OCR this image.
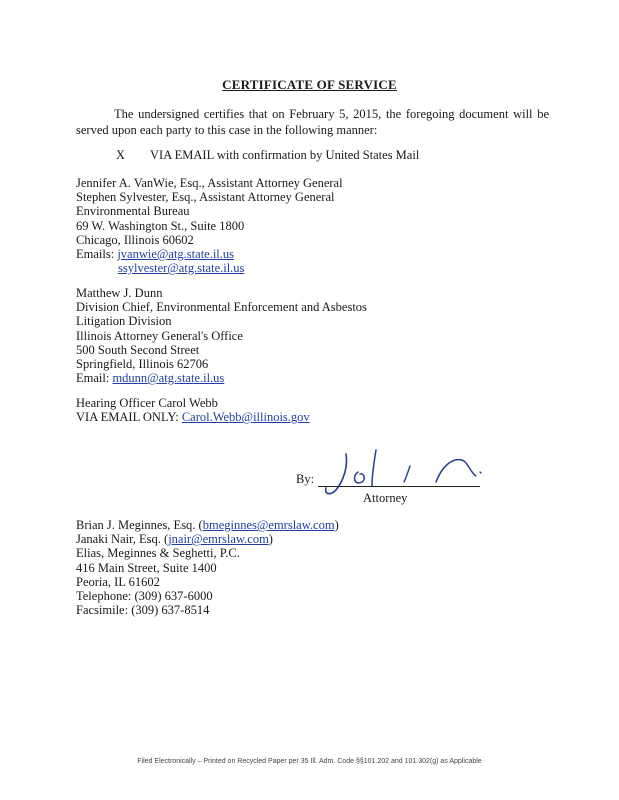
CERTIFICATE OF SERVICE
The undersigned certifies that on February 5, 2015, the foregoing document will be served upon each party to this case in the following manner:
X VIA EMAIL with confirmation by United States Mail
Jennifer A. VanWie, Esq., Assistant Attorney General
Stephen Sylvester, Esq., Assistant Attorney General
Environmental Bureau
69 W. Washington St., Suite 1800
Chicago, Illinois 60602
Emails: jvanwie@atg.state.il.us
ssylvester@atg.state.il.us
Matthew J. Dunn
Division Chief, Environmental Enforcement and Asbestos
Litigation Division
Illinois Attorney General's Office
500 South Second Street
Springfield, Illinois 62706
Email: mdunn@atg.state.il.us
Hearing Officer Carol Webb
VIA EMAIL ONLY: Carol.Webb@illinois.gov
By:
Attorney
Brian J. Meginnes, Esq. (bmeginnes@emrslaw.com)
Janaki Nair, Esq. (jnair@emrslaw.com)
Elias, Meginnes & Seghetti, P.C.
416 Main Street, Suite 1400
Peoria, IL 61602
Telephone: (309) 637-6000
Facsimile: (309) 637-8514
Filed Electronically – Printed on Recycled Paper per 35 Ill. Adm. Code §§101.202 and 101.302(g) as Applicable
